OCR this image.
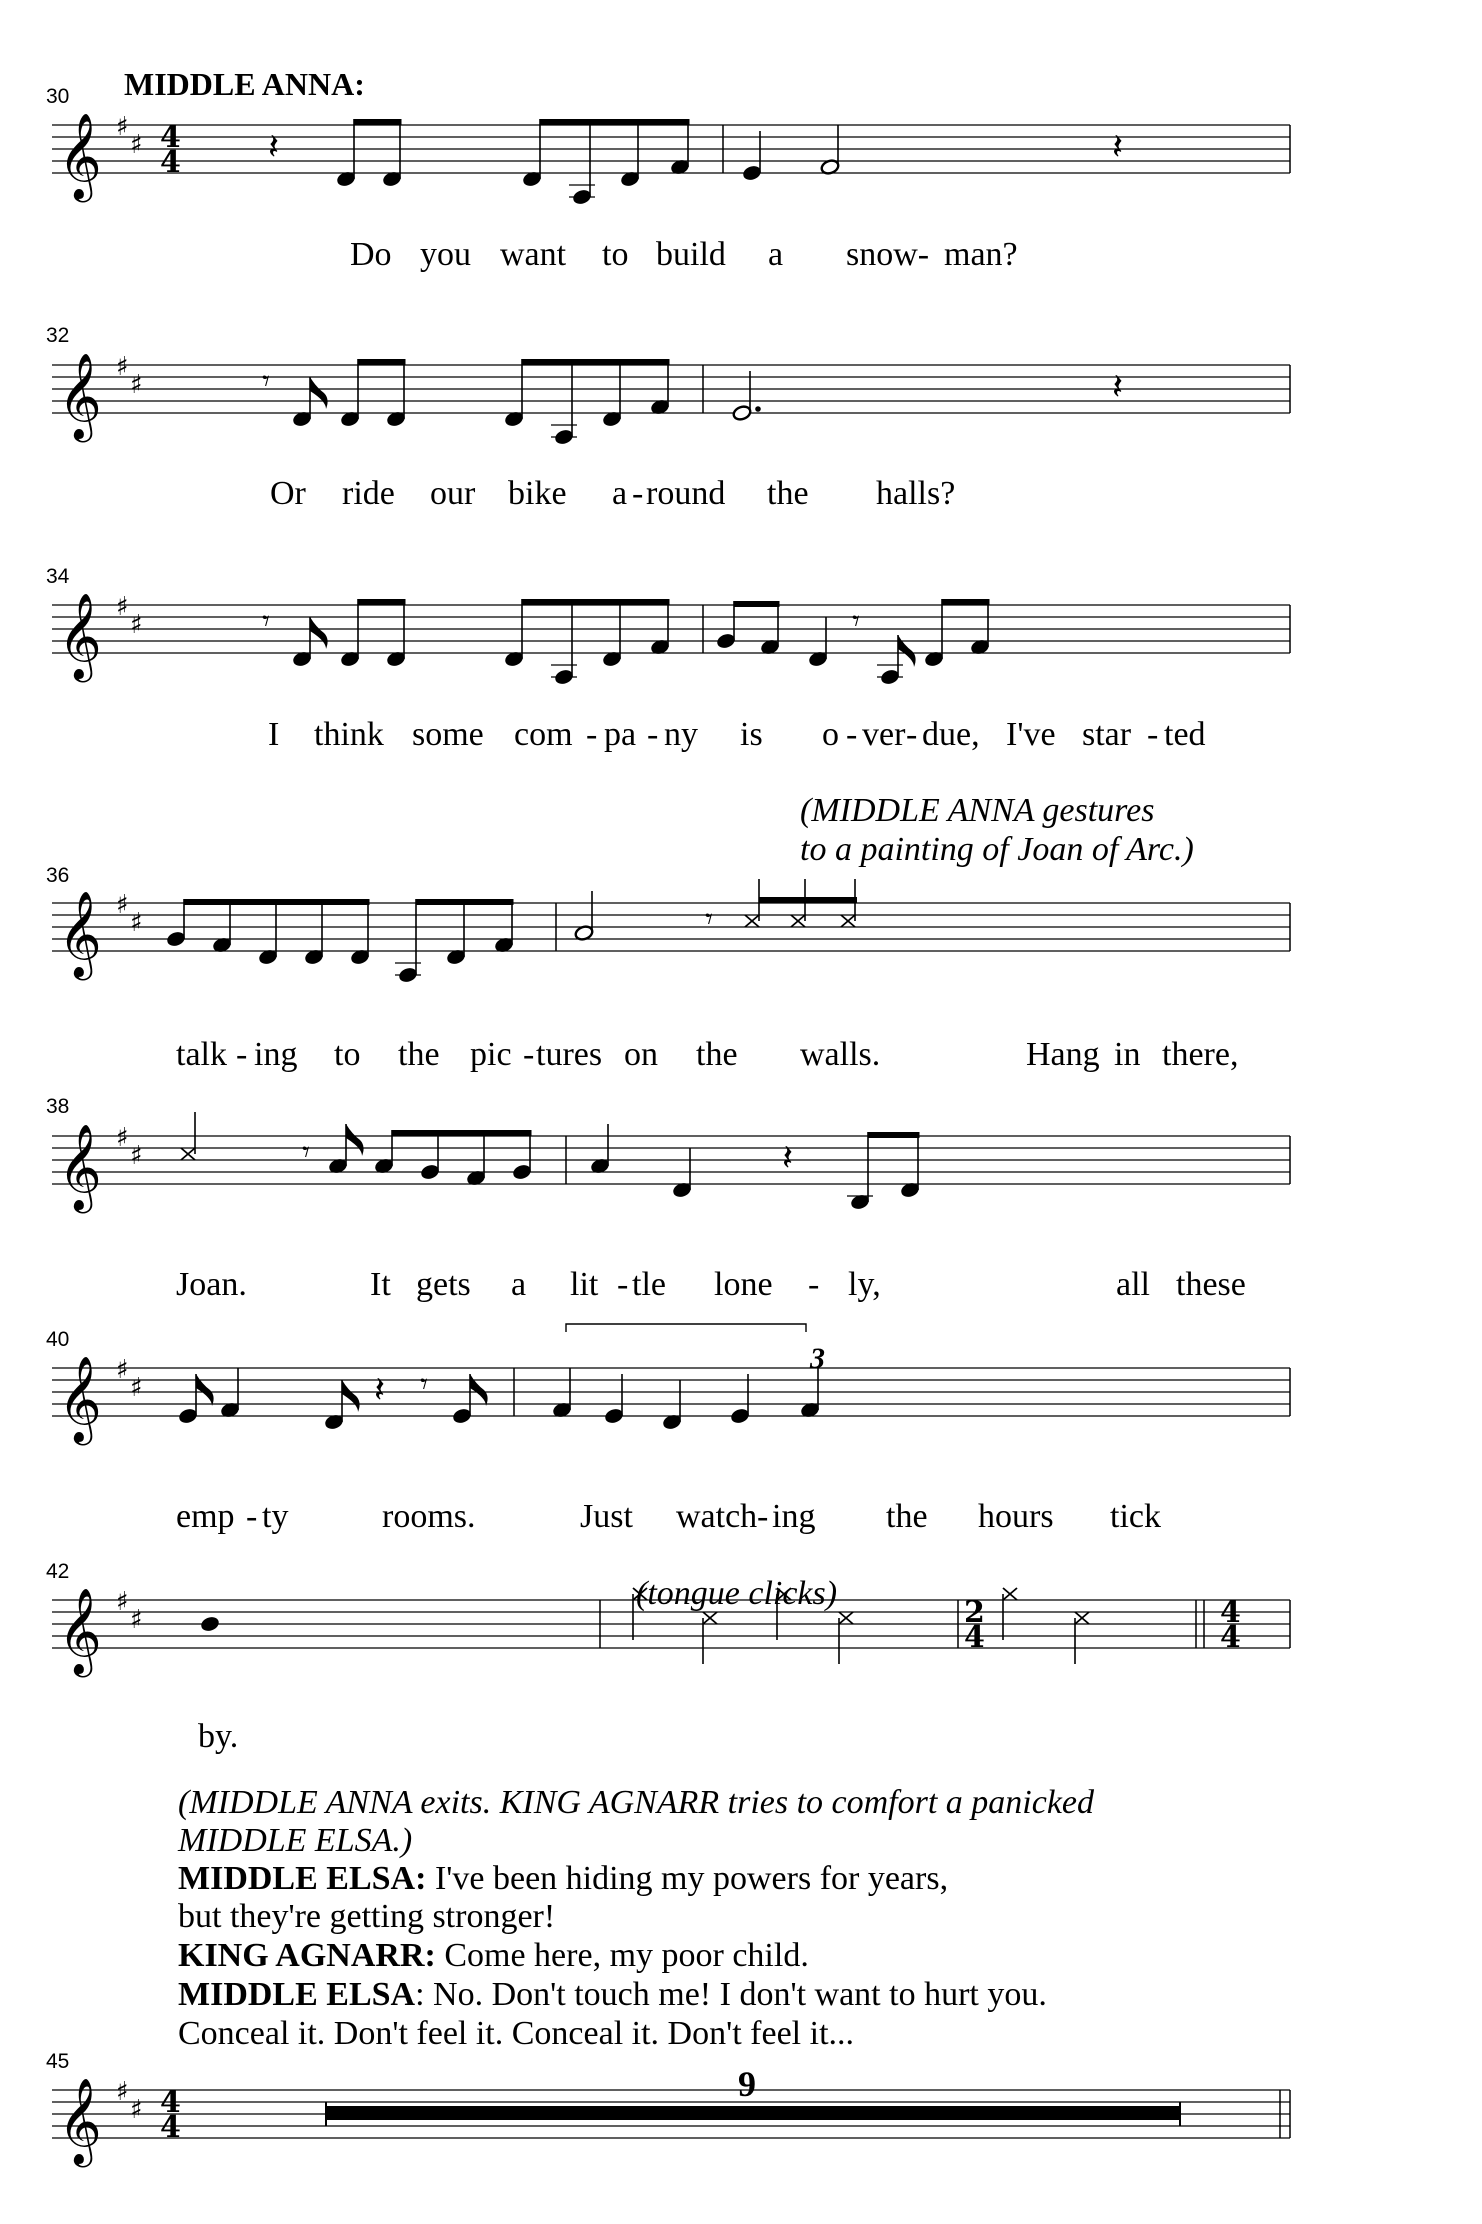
𝄞 ♯
♯ 4
4 𝄽	𝄽
𝄞 ♯
♯	𝄾	𝄽
𝄞 ♯
♯	𝄾	𝄾
𝄞 ♯
♯	𝄾
𝄞 ♯
♯	𝄾	𝄽
𝄞 ♯
♯	𝄽 𝄾
𝄞 ♯
♯	2
4
4
4
𝄞 ♯
♯ 4
4
MIDDLE ANNA:
30
32
34
36
38
40
42
45
Do you want to build a snow- man?
Or ride our bike a - round the halls?
I think some com - pa - ny is o - ver - due, I've star - ted
(MIDDLE ANNA gestures
to a painting of Joan of Arc.)
talk - ing to the pic - tures on the walls.	Hang in there,
Joan.	It gets a lit - tle lone - ly,	all these
3
emp - ty	rooms.	Just watch - ing the hours tick
(tongue clicks)
by.
(MIDDLE ANNA exits. KING AGNARR tries to comfort a panicked
MIDDLE ELSA.)
MIDDLE ELSA: I've been hiding my powers for years,
but they're getting stronger!
KING AGNARR: Come here, my poor child.
MIDDLE ELSA: No. Don't touch me! I don't want to hurt you.
Conceal it. Don't feel it. Conceal it. Don't feel it...
9
